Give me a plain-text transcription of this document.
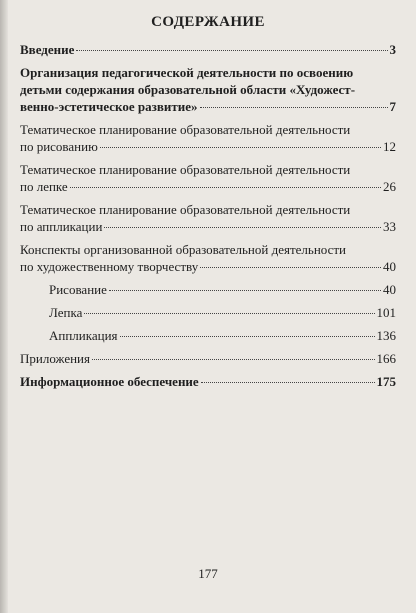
СОДЕРЖАНИЕ
Введение	3
Организация педагогической деятельности по освоению
детьми содержания образовательной области «Художест-
венно-эстетическое развитие»	7
Тематическое планирование образовательной деятельности
по рисованию	12
Тематическое планирование образовательной деятельности
по лепке	26
Тематическое планирование образовательной деятельности
по аппликации	33
Конспекты организованной образовательной деятельности
по художественному творчеству	40
Рисование	40
Лепка	101
Аппликация	136
Приложения	166
Информационное обеспечение	175
177
